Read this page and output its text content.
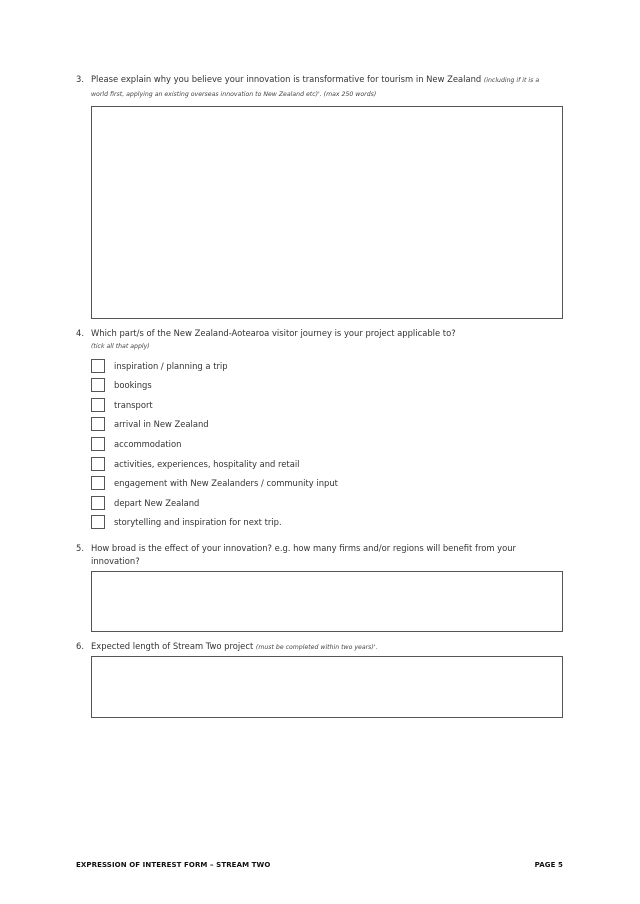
3. Please explain why you believe your innovation is transformative for tourism in New Zealand (including if it is a world first, applying an existing overseas innovation to New Zealand etc)'. (max 250 words)
4. Which part/s of the New Zealand-Aotearoa visitor journey is your project applicable to?
(tick all that apply)
inspiration / planning a trip
bookings
transport
arrival in New Zealand
accommodation
activities, experiences, hospitality and retail
engagement with New Zealanders / community input
depart New Zealand
storytelling and inspiration for next trip.
5. How broad is the effect of your innovation? e.g. how many firms and/or regions will benefit from your innovation?
6. Expected length of Stream Two project (must be completed within two years)'.
EXPRESSION OF INTEREST FORM – STREAM TWO	PAGE 5
